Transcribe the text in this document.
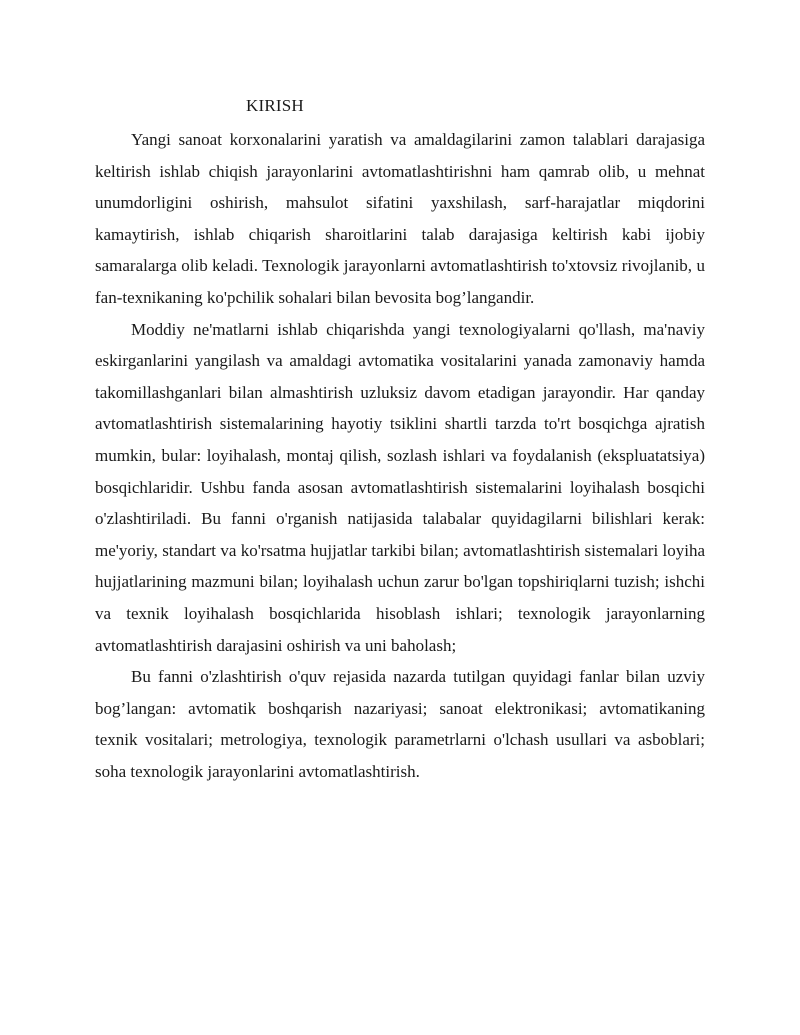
KIRISH

Yangi sanoat korxonalarini yaratish va amaldagilarini zamon talablari darajasiga keltirish ishlab chiqish jarayonlarini avtomatlashtirishni ham qamrab olib, u mehnat unumdorligini oshirish, mahsulot sifatini yaxshilash, sarf-harajatlar miqdorini kamaytirish, ishlab chiqarish sharoitlarini talab darajasiga keltirish kabi ijobiy samaralarga olib keladi. Texnologik jarayonlarni avtomatlashtirish to'xtovsiz rivojlanib, u fan-texnikaning ko'pchilik sohalari bilan bevosita bog’langandir.

Moddiy ne'matlarni ishlab chiqarishda yangi texnologiyalarni qo'llash, ma'naviy eskirganlarini yangilash va amaldagi avtomatika vositalarini yanada zamonaviy hamda takomillashganlari bilan almashtirish uzluksiz davom etadigan jarayondir. Har qanday avtomatlashtirish sistemalarining hayotiy tsiklini shartli tarzda to'rt bosqichga ajratish mumkin, bular: loyihalash, montaj qilish, sozlash ishlari va foydalanish (ekspluatatsiya) bosqichlaridir. Ushbu fanda asosan avtomatlashtirish sistemalarini loyihalash bosqichi o'zlashtiriladi. Bu fanni o'rganish natijasida talabalar quyidagilarni bilishlari kerak: me'yoriy, standart va ko'rsatma hujjatlar tarkibi bilan; avtomatlashtirish sistemalari loyiha hujjatlarining mazmuni bilan; loyihalash uchun zarur bo'lgan topshiriqlarni tuzish; ishchi va texnik loyihalash bosqichlarida hisoblash ishlari; texnologik jarayonlarning avtomatlashtirish darajasini oshirish va uni baholash;

Bu fanni o'zlashtirish o'quv rejasida nazarda tutilgan quyidagi fanlar bilan uzviy bog’langan: avtomatik boshqarish nazariyasi; sanoat elektronikasi; avtomatikaning texnik vositalari; metrologiya, texnologik parametrlarni o'lchash usullari va asboblari; soha texnologik jarayonlarini avtomatlashtirish.
